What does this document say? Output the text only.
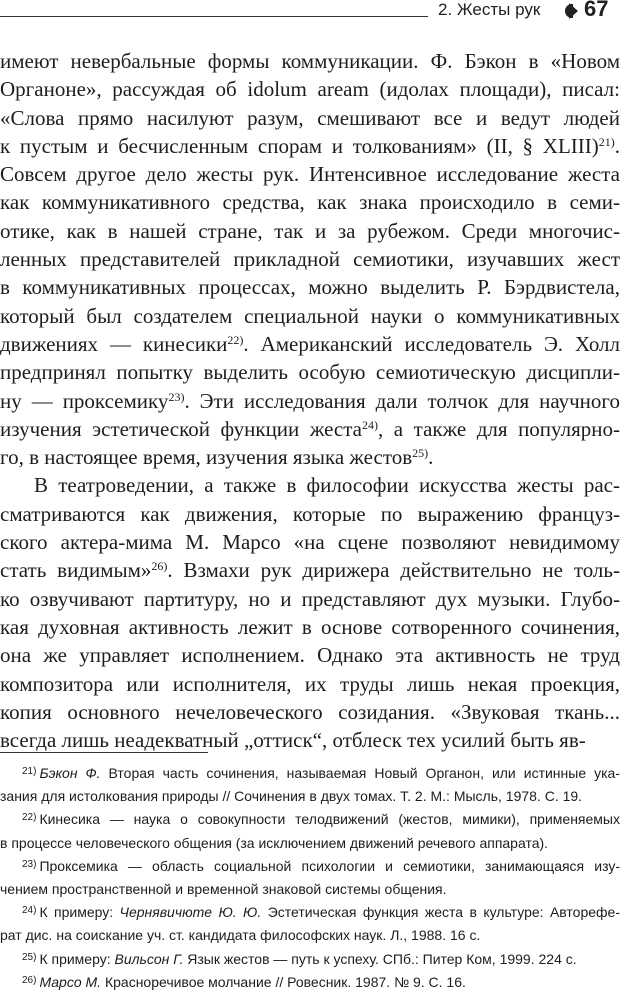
2. Жесты рук 67
имеют невербальные формы коммуникации. Ф. Бэкон в «Новом
Органоне», рассуждая об idolum aream (идолах площади), писал:
«Слова прямо насилуют разум, смешивают все и ведут людей
к пустым и бесчисленным спорам и толкованиям» (II, § XLIII)$^{21)}$.
Совсем другое дело жесты рук. Интенсивное исследование жеста
как коммуникативного средства, как знака происходило в семи-
отике, как в нашей стране, так и за рубежом. Среди многочис-
ленных представителей прикладной семиотики, изучавших жест
в коммуникативных процессах, можно выделить Р. Бэрдвистела,
который был создателем специальной науки о коммуникативных
движениях — кинесики$^{22)}$. Американский исследователь Э. Холл
предпринял попытку выделить особую семиотическую дисципли-
ну — проксемику$^{23)}$. Эти исследования дали толчок для научного
изучения эстетической функции жеста$^{24)}$, а также для популярно-
го, в настоящее время, изучения языка жестов$^{25)}$.
В театроведении, а также в философии искусства жесты рас-
сматриваются как движения, которые по выражению француз-
ского актера-мима М. Марсо «на сцене позволяют невидимому
стать видимым»$^{26)}$. Взмахи рук дирижера действительно не толь-
ко озвучивают партитуру, но и представляют дух музыки. Глубо-
кая духовная активность лежит в основе сотворенного сочинения,
она же управляет исполнением. Однако эта активность не труд
композитора или исполнителя, их труды лишь некая проекция,
копия основного нечеловеческого созидания. «Звуковая ткань...
всегда лишь неадекватный „оттиск“, отблеск тех усилий быть яв-
$^{21)}$ Бэкон Ф. Вторая часть сочинения, называемая Новый Органон, или истинные ука-
зания для истолкования природы // Сочинения в двух томах. Т. 2. М.: Мысль, 1978. С. 19.
$^{22)}$ Кинесика — наука о совокупности телодвижений (жестов, мимики), применяемых
в процессе человеческого общения (за исключением движений речевого аппарата).
$^{23)}$ Проксемика — область социальной психологии и семиотики, занимающаяся изу-
чением пространственной и временной знаковой системы общения.
$^{24)}$ К примеру: Чернявичюте Ю. Ю. Эстетическая функция жеста в культуре: Авторефе-
рат дис. на соискание уч. ст. кандидата философских наук. Л., 1988. 16 с.
$^{25)}$ К примеру: Вильсон Г. Язык жестов — путь к успеху. СПб.: Питер Ком, 1999. 224 с.
$^{26)}$ Марсо М. Красноречивое молчание // Ровесник. 1987. № 9. С. 16.
